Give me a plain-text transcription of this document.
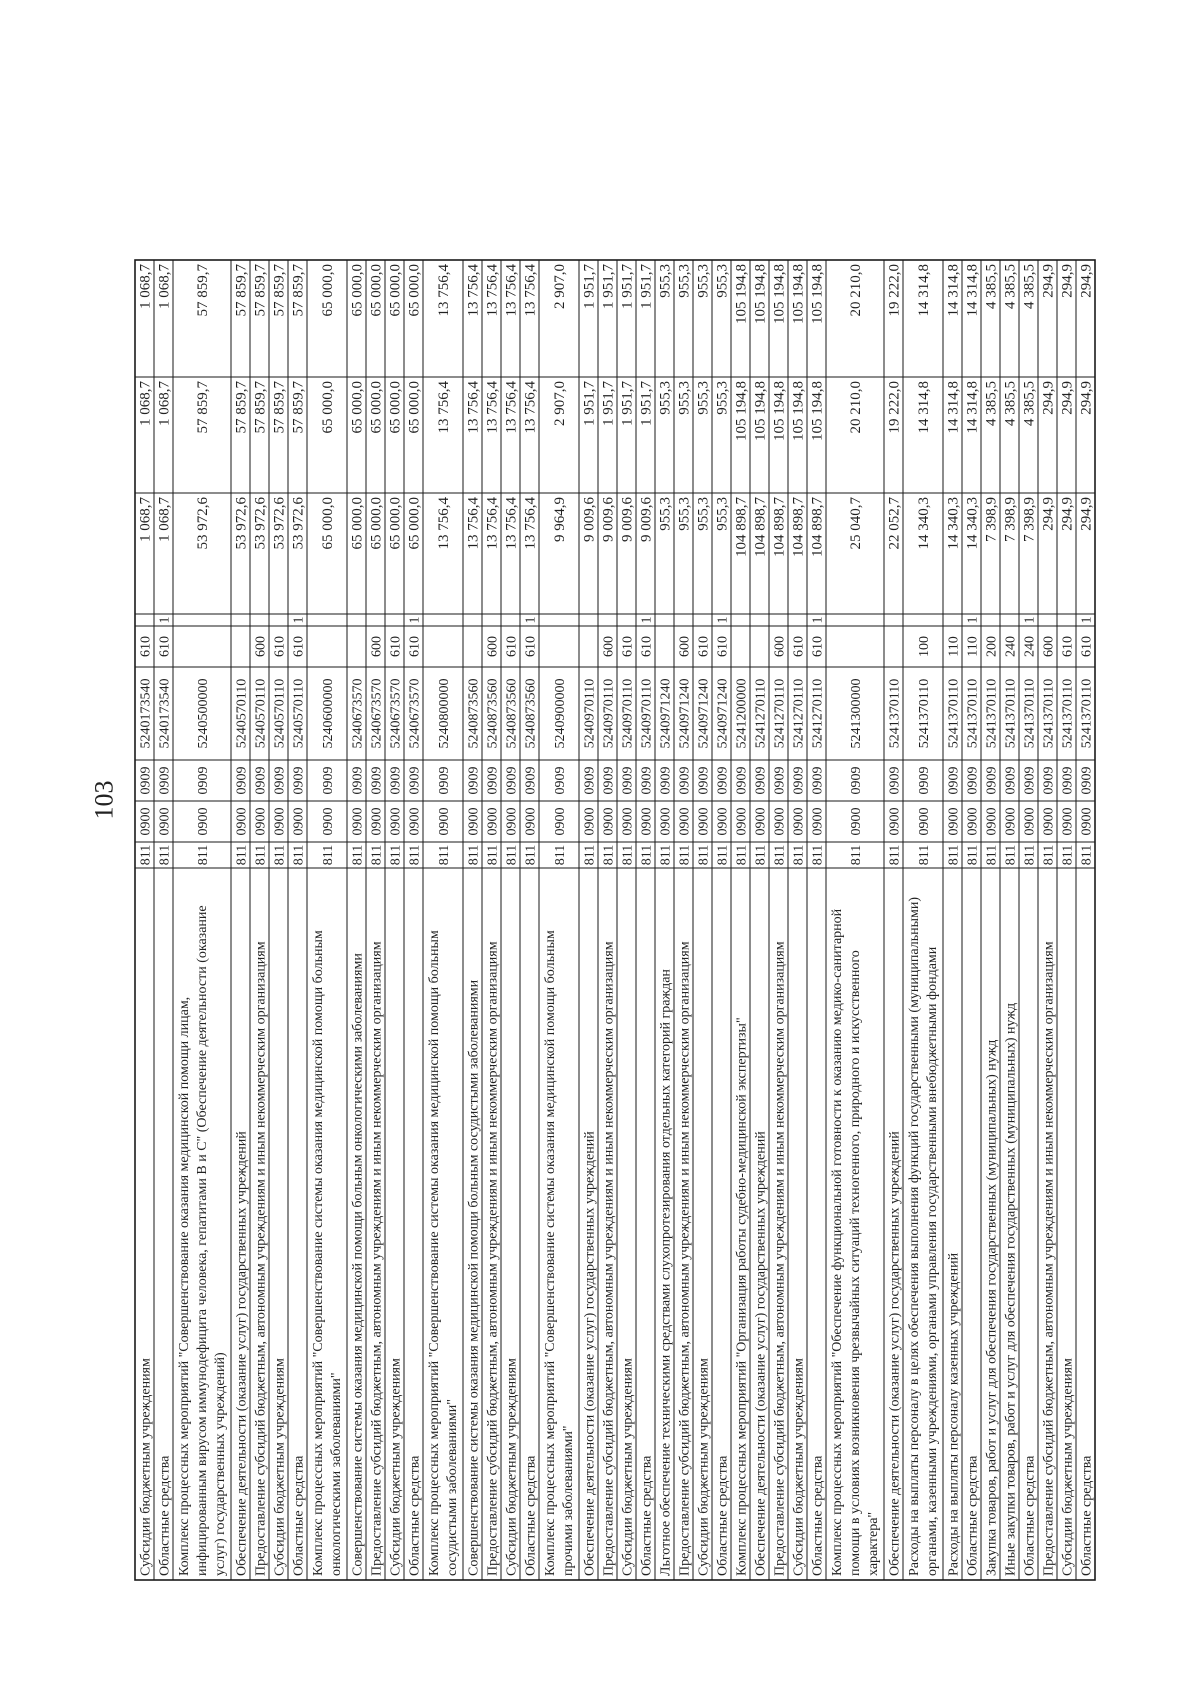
103
Субсидии бюджетным учреждениям
811
0900
0909
5240173540
610
1 068,7
1 068,7
1 068,7
Областные средства
811
0900
0909
5240173540
610
1
1 068,7
1 068,7
1 068,7
Комплекс процессных мероприятий "Совершенствование оказания медицинской помощи лицам, инфицированным вирусом иммунодефицита человека, гепатитами В и С" (Обеспечение деятельности (оказание услуг) государственных учреждений)
811
0900
0909
5240500000
53 972,6
57 859,7
57 859,7
Обеспечение деятельности (оказание услуг) государственных учреждений
811
0900
0909
5240570110
53 972,6
57 859,7
57 859,7
Предоставление субсидий бюджетным, автономным учреждениям и иным некоммерческим организациям
811
0900
0909
5240570110
600
53 972,6
57 859,7
57 859,7
Субсидии бюджетным учреждениям
811
0900
0909
5240570110
610
53 972,6
57 859,7
57 859,7
Областные средства
811
0900
0909
5240570110
610
1
53 972,6
57 859,7
57 859,7
Комплекс процессных мероприятий "Совершенствование системы оказания медицинской помощи больным онкологическими заболеваниями"
811
0900
0909
5240600000
65 000,0
65 000,0
65 000,0
Совершенствование системы оказания медицинской помощи больным онкологическими заболеваниями
811
0900
0909
5240673570
65 000,0
65 000,0
65 000,0
Предоставление субсидий бюджетным, автономным учреждениям и иным некоммерческим организациям
811
0900
0909
5240673570
600
65 000,0
65 000,0
65 000,0
Субсидии бюджетным учреждениям
811
0900
0909
5240673570
610
65 000,0
65 000,0
65 000,0
Областные средства
811
0900
0909
5240673570
610
1
65 000,0
65 000,0
65 000,0
Комплекс процессных мероприятий "Совершенствование системы оказания медицинской помощи больным сосудистыми заболеваниями"
811
0900
0909
5240800000
13 756,4
13 756,4
13 756,4
Совершенствование системы оказания медицинской помощи больным сосудистыми заболеваниями
811
0900
0909
5240873560
13 756,4
13 756,4
13 756,4
Предоставление субсидий бюджетным, автономным учреждениям и иным некоммерческим организациям
811
0900
0909
5240873560
600
13 756,4
13 756,4
13 756,4
Субсидии бюджетным учреждениям
811
0900
0909
5240873560
610
13 756,4
13 756,4
13 756,4
Областные средства
811
0900
0909
5240873560
610
1
13 756,4
13 756,4
13 756,4
Комплекс процессных мероприятий "Совершенствование системы оказания медицинской помощи больным прочими заболеваниями"
811
0900
0909
5240900000
9 964,9
2 907,0
2 907,0
Обеспечение деятельности (оказание услуг) государственных учреждений
811
0900
0909
5240970110
9 009,6
1 951,7
1 951,7
Предоставление субсидий бюджетным, автономным учреждениям и иным некоммерческим организациям
811
0900
0909
5240970110
600
9 009,6
1 951,7
1 951,7
Субсидии бюджетным учреждениям
811
0900
0909
5240970110
610
9 009,6
1 951,7
1 951,7
Областные средства
811
0900
0909
5240970110
610
1
9 009,6
1 951,7
1 951,7
Льготное обеспечение техническими средствами слухопротезирования отдельных категорий граждан
811
0900
0909
5240971240
955,3
955,3
955,3
Предоставление субсидий бюджетным, автономным учреждениям и иным некоммерческим организациям
811
0900
0909
5240971240
600
955,3
955,3
955,3
Субсидии бюджетным учреждениям
811
0900
0909
5240971240
610
955,3
955,3
955,3
Областные средства
811
0900
0909
5240971240
610
1
955,3
955,3
955,3
Комплекс процессных мероприятий "Организация работы судебно-медицинской экспертизы"
811
0900
0909
5241200000
104 898,7
105 194,8
105 194,8
Обеспечение деятельности (оказание услуг) государственных учреждений
811
0900
0909
5241270110
104 898,7
105 194,8
105 194,8
Предоставление субсидий бюджетным, автономным учреждениям и иным некоммерческим организациям
811
0900
0909
5241270110
600
104 898,7
105 194,8
105 194,8
Субсидии бюджетным учреждениям
811
0900
0909
5241270110
610
104 898,7
105 194,8
105 194,8
Областные средства
811
0900
0909
5241270110
610
1
104 898,7
105 194,8
105 194,8
Комплекс процессных мероприятий "Обеспечение функциональной готовности к оказанию медико-санитарной помощи в условиях возникновения чрезвычайных ситуаций техногенного, природного и искусственного характера"
811
0900
0909
5241300000
25 040,7
20 210,0
20 210,0
Обеспечение деятельности (оказание услуг) государственных учреждений
811
0900
0909
5241370110
22 052,7
19 222,0
19 222,0
Расходы на выплаты персоналу в целях обеспечения выполнения функций государственными (муниципальными) органами, казенными учреждениями, органами управления государственными внебюджетными фондами
811
0900
0909
5241370110
100
14 340,3
14 314,8
14 314,8
Расходы на выплаты персоналу казенных учреждений
811
0900
0909
5241370110
110
14 340,3
14 314,8
14 314,8
Областные средства
811
0900
0909
5241370110
110
1
14 340,3
14 314,8
14 314,8
Закупка товаров, работ и услуг для обеспечения государственных (муниципальных) нужд
811
0900
0909
5241370110
200
7 398,9
4 385,5
4 385,5
Иные закупки товаров, работ и услуг для обеспечения государственных (муниципальных) нужд
811
0900
0909
5241370110
240
7 398,9
4 385,5
4 385,5
Областные средства
811
0900
0909
5241370110
240
1
7 398,9
4 385,5
4 385,5
Предоставление субсидий бюджетным, автономным учреждениям и иным некоммерческим организациям
811
0900
0909
5241370110
600
294,9
294,9
294,9
Субсидии бюджетным учреждениям
811
0900
0909
5241370110
610
294,9
294,9
294,9
Областные средства
811
0900
0909
5241370110
610
1
294,9
294,9
294,9
